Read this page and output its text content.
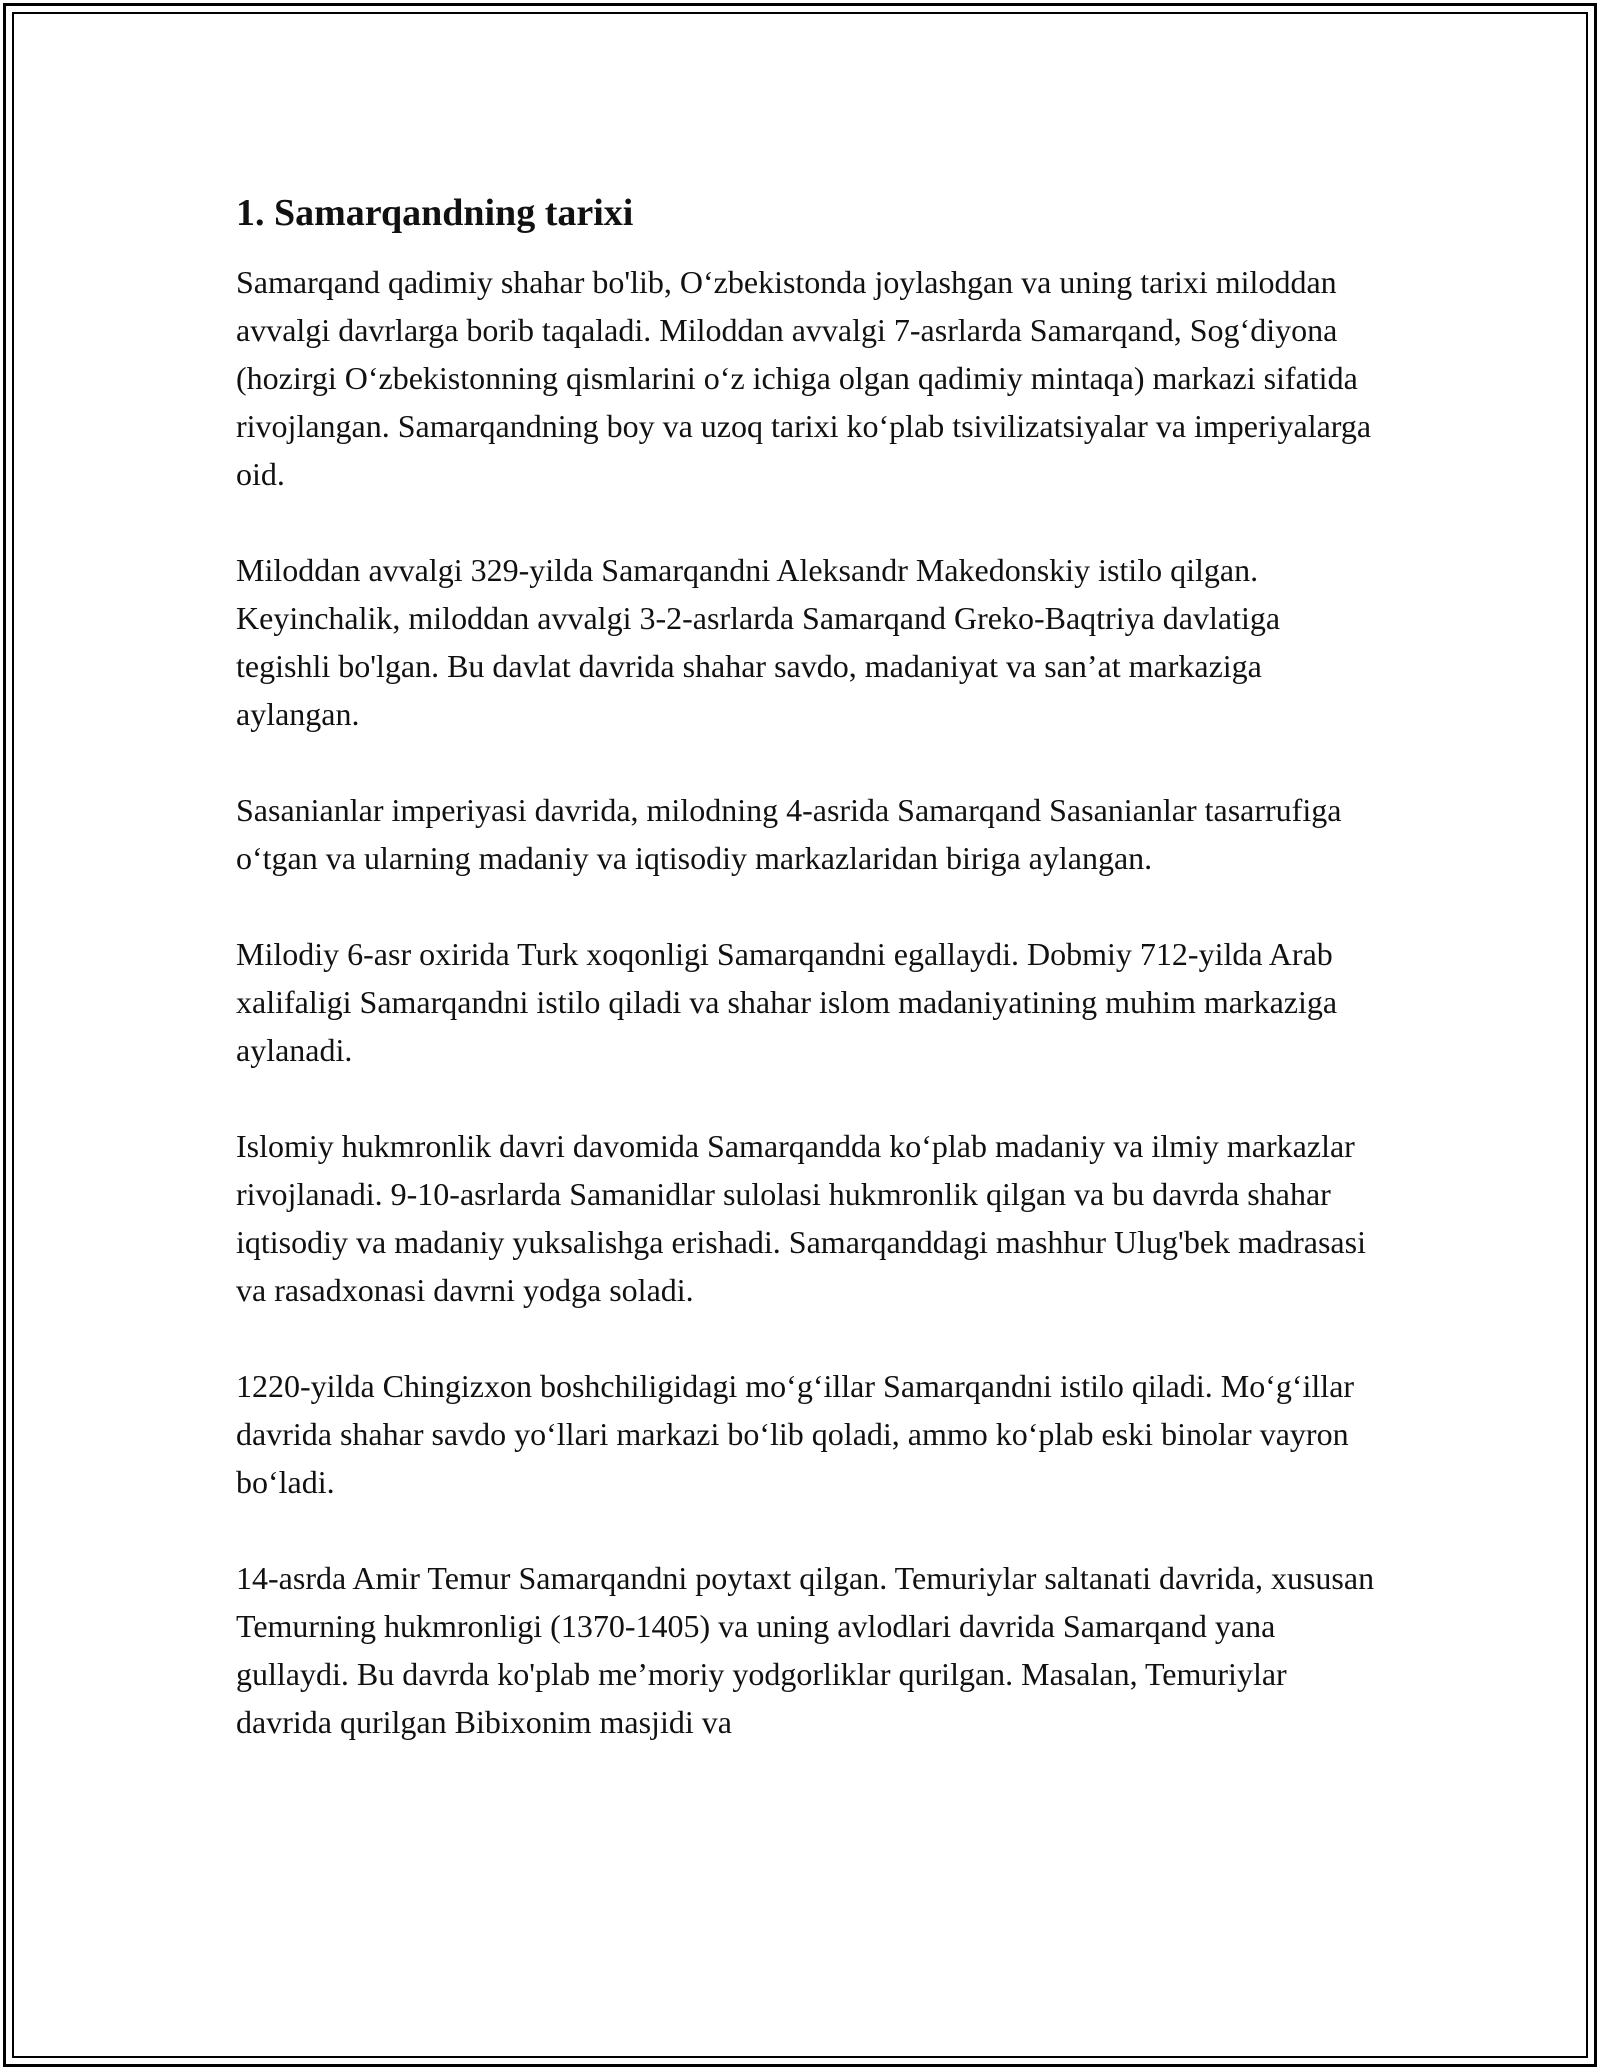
1. Samarqandning tarixi

Samarqand qadimiy shahar bo'lib, O‘zbekistonda joylashgan va uning tarixi miloddan avvalgi davrlarga borib taqaladi. Miloddan avvalgi 7-asrlarda Samarqand, Sog‘diyona (hozirgi O‘zbekistonning qismlarini o‘z ichiga olgan qadimiy mintaqa) markazi sifatida rivojlangan. Samarqandning boy va uzoq tarixi ko‘plab tsivilizatsiyalar va imperiyalarga oid.

Miloddan avvalgi 329-yilda Samarqandni Aleksandr Makedonskiy istilo qilgan. Keyinchalik, miloddan avvalgi 3-2-asrlarda Samarqand Greko-Baqtriya davlatiga tegishli bo'lgan. Bu davlat davrida shahar savdo, madaniyat va san’at markaziga aylangan.

Sasanianlar imperiyasi davrida, milodning 4-asrida Samarqand Sasanianlar tasarrufiga o‘tgan va ularning madaniy va iqtisodiy markazlaridan biriga aylangan.

Milodiy 6-asr oxirida Turk xoqonligi Samarqandni egallaydi. Dobmiy 712-yilda Arab xalifaligi Samarqandni istilo qiladi va shahar islom madaniyatining muhim markaziga aylanadi.

Islomiy hukmronlik davri davomida Samarqandda ko‘plab madaniy va ilmiy markazlar rivojlanadi. 9-10-asrlarda Samanidlar sulolasi hukmronlik qilgan va bu davrda shahar iqtisodiy va madaniy yuksalishga erishadi. Samarqanddagi mashhur Ulug'bek madrasasi va rasadxonasi davrni yodga soladi.

1220-yilda Chingizxon boshchiligidagi mo‘g‘illar Samarqandni istilo qiladi. Mo‘g‘illar davrida shahar savdo yo‘llari markazi bo‘lib qoladi, ammo ko‘plab eski binolar vayron bo‘ladi.

14-asrda Amir Temur Samarqandni poytaxt qilgan. Temuriylar saltanati davrida, xususan Temurning hukmronligi (1370-1405) va uning avlodlari davrida Samarqand yana gullaydi. Bu davrda ko'plab me’moriy yodgorliklar qurilgan. Masalan, Temuriylar davrida qurilgan Bibixonim masjidi va
